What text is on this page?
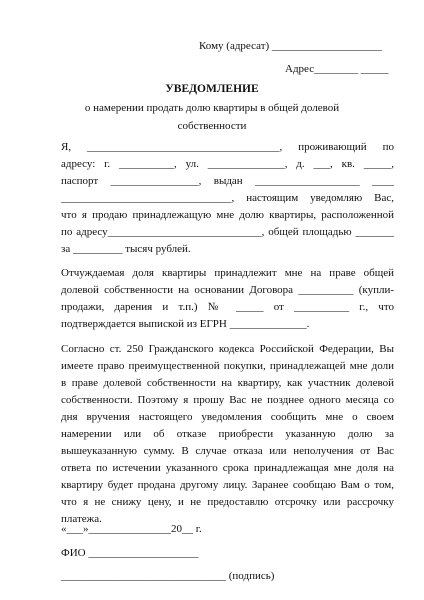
Кому (адресат) ____________________
Адрес________ _____
УВЕДОМЛЕНИЕ
о намерении продать долю квартиры в общей долевой
собственности
Я, ___________________________________, проживающий по
адресу: г. __________, ул. ______________, д. ___, кв. _____,
паспорт ________________, выдан ___________________ ____
_______________________________, настоящим уведомляю Вас,
что я продаю принадлежащую мне долю квартиры, расположенной
по адресу____________________________, общей площадью _______
за _________ тысяч рублей.
Отчуждаемая доля квартиры принадлежит мне на праве общей
долевой собственности на основании Договора __________ (купли-
продажи, дарения и т.п.) № _____ от __________ г., что
подтверждается выпиской из ЕГРН ______________.
Согласно ст. 250 Гражданского кодекса Российской Федерации, Вы
имеете право преимущественной покупки, принадлежащей мне доли
в праве долевой собственности на квартиру, как участник долевой
собственности. Поэтому я прошу Вас не позднее одного месяца со
дня вручения настоящего уведомления сообщить мне о своем
намерении или об отказе приобрести указанную долю за
вышеуказанную сумму. В случае отказа или неполучения от Вас
ответа по истечении указанного срока принадлежащая мне доля на
квартиру будет продана другому лицу. Заранее сообщаю Вам о том,
что я не снижу цену, и не предоставлю отсрочку или рассрочку
платежа.
«___»_______________20__ г.
ФИО ____________________
______________________________ (подпись)
